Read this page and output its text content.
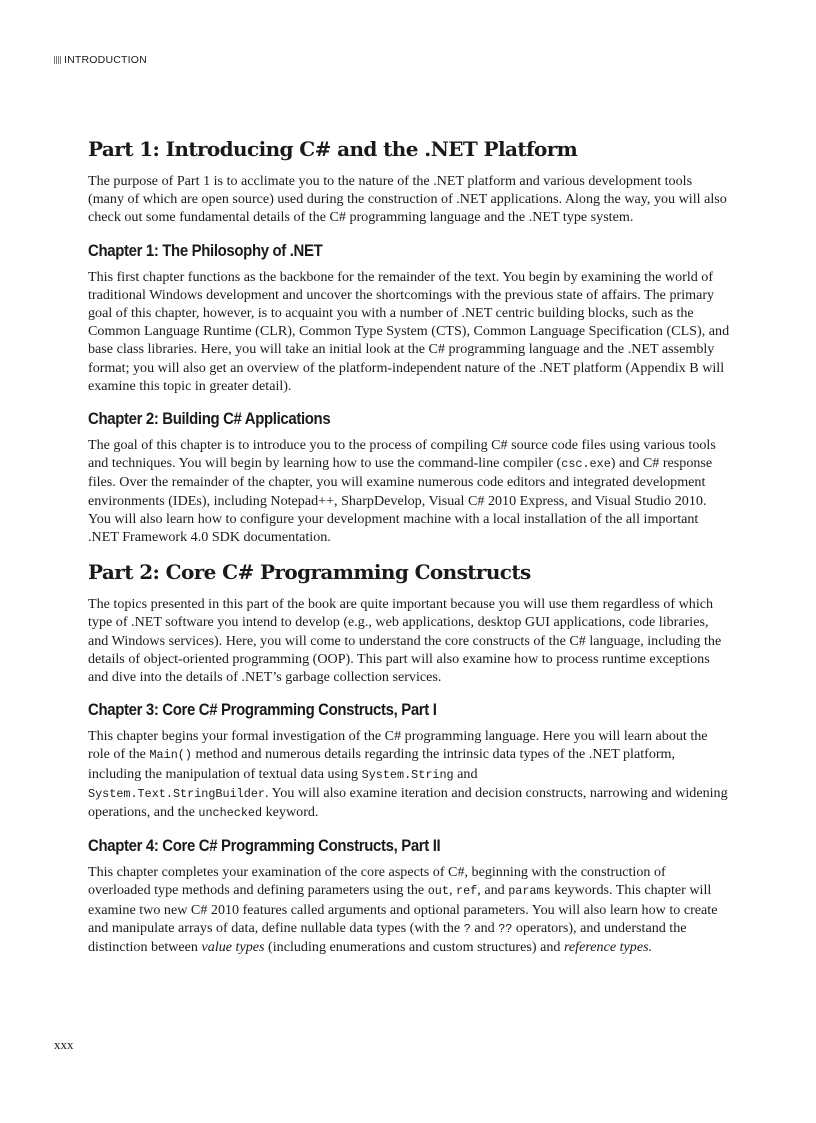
INTRODUCTION
Part 1: Introducing C# and the .NET Platform

The purpose of Part 1 is to acclimate you to the nature of the .NET platform and various development tools (many of which are open source) used during the construction of .NET applications. Along the way, you will also check out some fundamental details of the C# programming language and the .NET type system.

Chapter 1: The Philosophy of .NET

This first chapter functions as the backbone for the remainder of the text. You begin by examining the world of traditional Windows development and uncover the shortcomings with the previous state of affairs. The primary goal of this chapter, however, is to acquaint you with a number of .NET centric building blocks, such as the Common Language Runtime (CLR), Common Type System (CTS), Common Language Specification (CLS), and base class libraries. Here, you will take an initial look at the C# programming language and the .NET assembly format; you will also get an overview of the platform-independent nature of the .NET platform (Appendix B will examine this topic in greater detail).

Chapter 2: Building C# Applications

The goal of this chapter is to introduce you to the process of compiling C# source code files using various tools and techniques. You will begin by learning how to use the command-line compiler (csc.exe) and C# response files. Over the remainder of the chapter, you will examine numerous code editors and integrated development environments (IDEs), including Notepad++, SharpDevelop, Visual C# 2010 Express, and Visual Studio 2010. You will also learn how to configure your development machine with a local installation of the all important .NET Framework 4.0 SDK documentation.

Part 2: Core C# Programming Constructs

The topics presented in this part of the book are quite important because you will use them regardless of which type of .NET software you intend to develop (e.g., web applications, desktop GUI applications, code libraries, and Windows services). Here, you will come to understand the core constructs of the C# language, including the details of object-oriented programming (OOP). This part will also examine how to process runtime exceptions and dive into the details of .NET’s garbage collection services.

Chapter 3: Core C# Programming Constructs, Part I

This chapter begins your formal investigation of the C# programming language. Here you will learn about the role of the Main() method and numerous details regarding the intrinsic data types of the .NET platform, including the manipulation of textual data using System.String and
System.Text.StringBuilder. You will also examine iteration and decision constructs, narrowing and widening operations, and the unchecked keyword.

Chapter 4: Core C# Programming Constructs, Part II

This chapter completes your examination of the core aspects of C#, beginning with the construction of overloaded type methods and defining parameters using the out, ref, and params keywords. This chapter will examine two new C# 2010 features called arguments and optional parameters. You will also learn how to create and manipulate arrays of data, define nullable data types (with the ? and ?? operators), and understand the distinction between value types (including enumerations and custom structures) and reference types.

xxx
